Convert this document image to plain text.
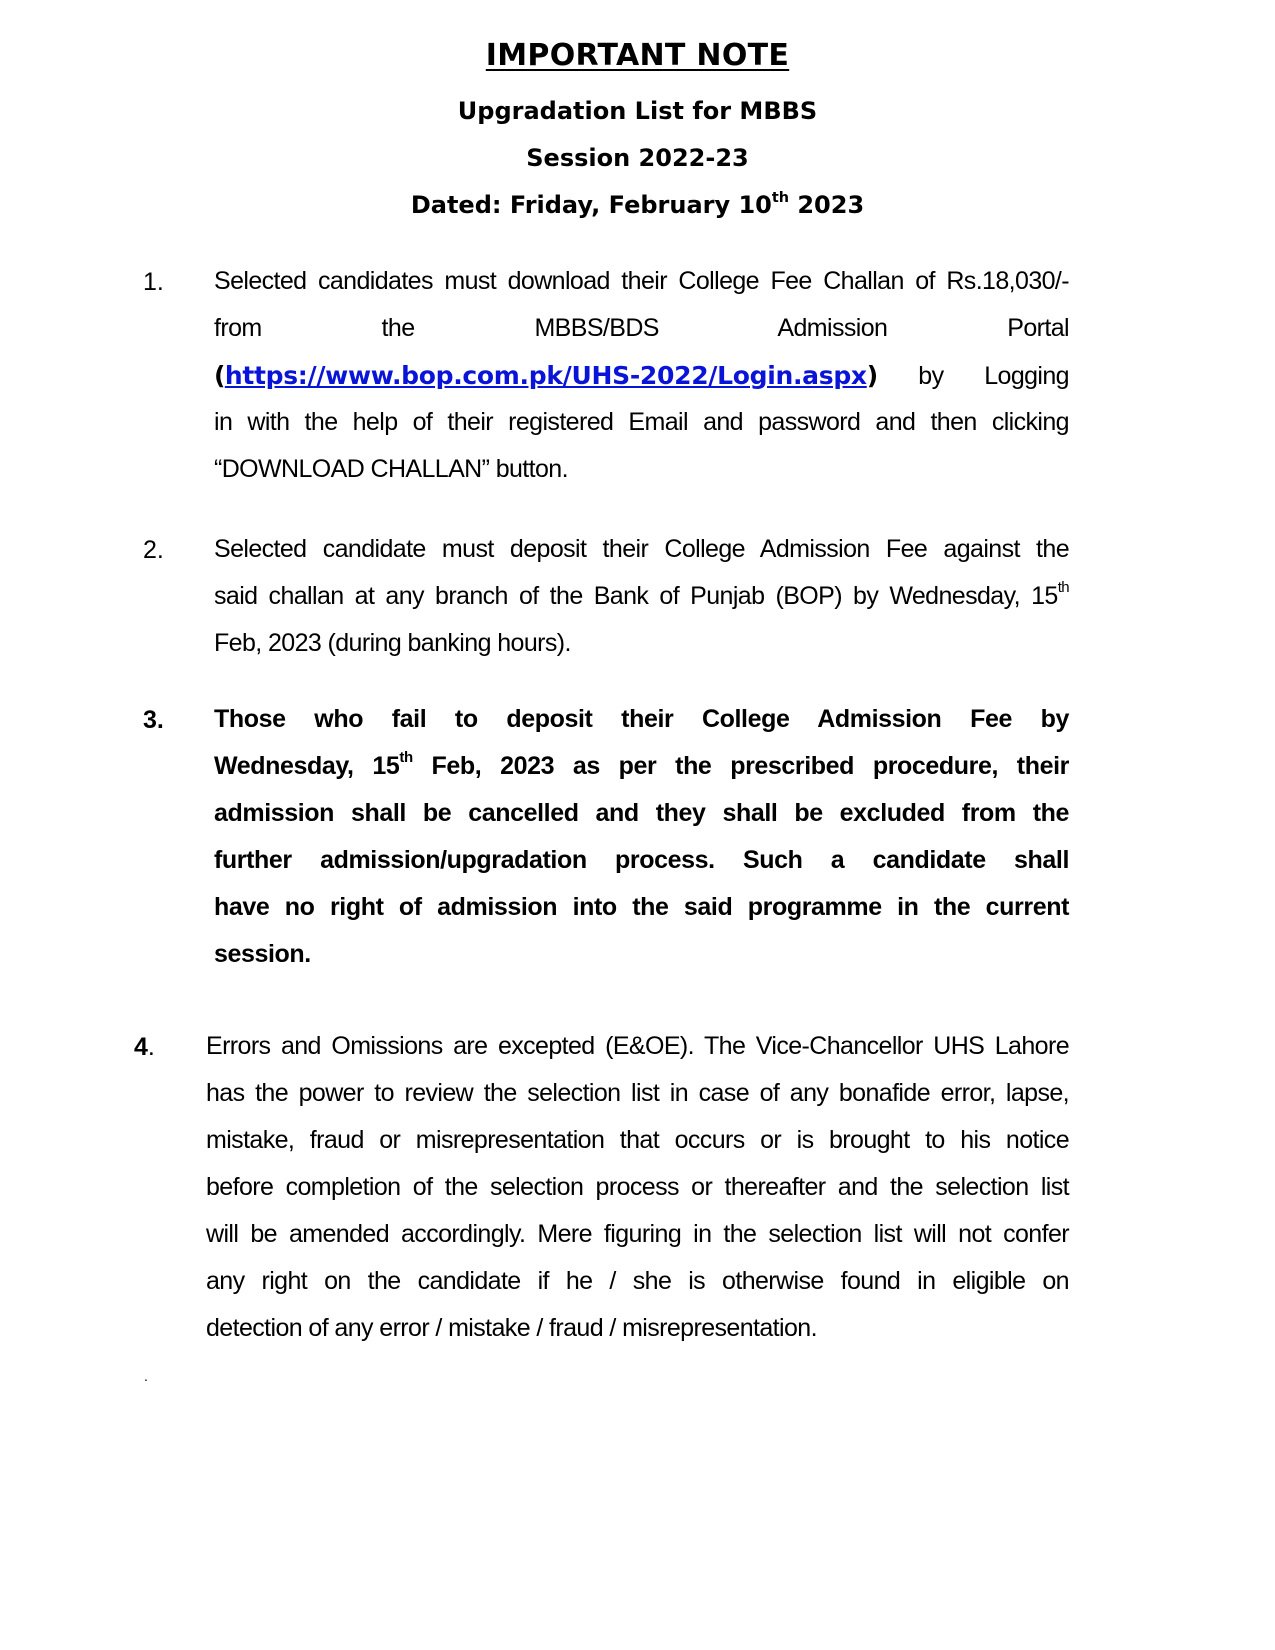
IMPORTANT NOTE
Upgradation List for MBBS
Session 2022-23
Dated: Friday, February 10th 2023
1. Selected candidates must download their College Fee Challan of Rs.18,030/-
from the MBBS/BDS Admission Portal
(https://www.bop.com.pk/UHS-2022/Login.aspx) by Logging
in with the help of their registered Email and password and then clicking
“DOWNLOAD CHALLAN” button.
2. Selected candidate must deposit their College Admission Fee against the
said challan at any branch of the Bank of Punjab (BOP) by Wednesday, 15th
Feb, 2023 (during banking hours).
3. Those who fail to deposit their College Admission Fee by
Wednesday, 15th Feb, 2023 as per the prescribed procedure, their
admission shall be cancelled and they shall be excluded from the
further admission/upgradation process. Such a candidate shall
have no right of admission into the said programme in the current
session.
4. Errors and Omissions are excepted (E&OE). The Vice-Chancellor UHS Lahore
has the power to review the selection list in case of any bonafide error, lapse,
mistake, fraud or misrepresentation that occurs or is brought to his notice
before completion of the selection process or thereafter and the selection list
will be amended accordingly. Mere figuring in the selection list will not confer
any right on the candidate if he / she is otherwise found in eligible on
detection of any error / mistake / fraud / misrepresentation.
.
